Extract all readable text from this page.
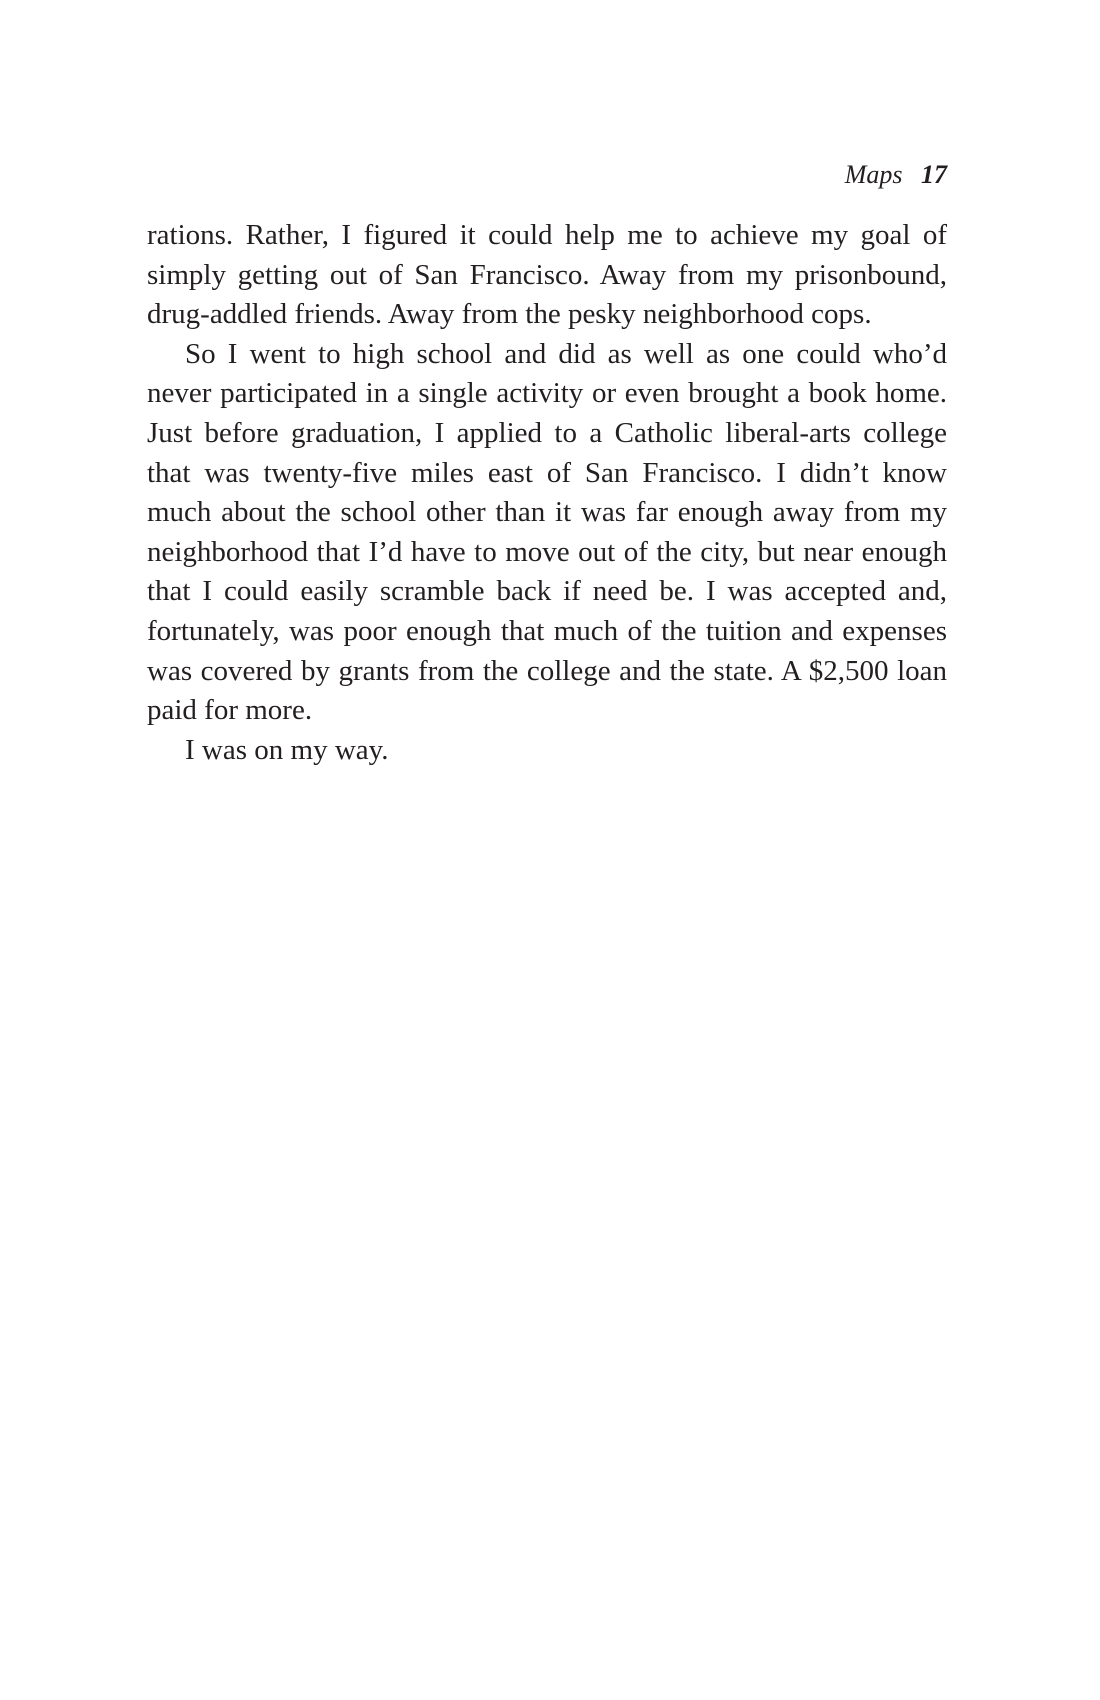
Maps 17

rations. Rather, I figured it could help me to achieve my goal of simply getting out of San Francisco. Away from my prisonbound, drug-addled friends. Away from the pesky neighborhood cops.

So I went to high school and did as well as one could who’d never participated in a single activity or even brought a book home. Just before graduation, I applied to a Catholic liberal-arts college that was twenty-five miles east of San Francisco. I didn’t know much about the school other than it was far enough away from my neighborhood that I’d have to move out of the city, but near enough that I could easily scramble back if need be. I was accepted and, fortunately, was poor enough that much of the tuition and expenses was covered by grants from the college and the state. A $2,500 loan paid for more.

I was on my way.
